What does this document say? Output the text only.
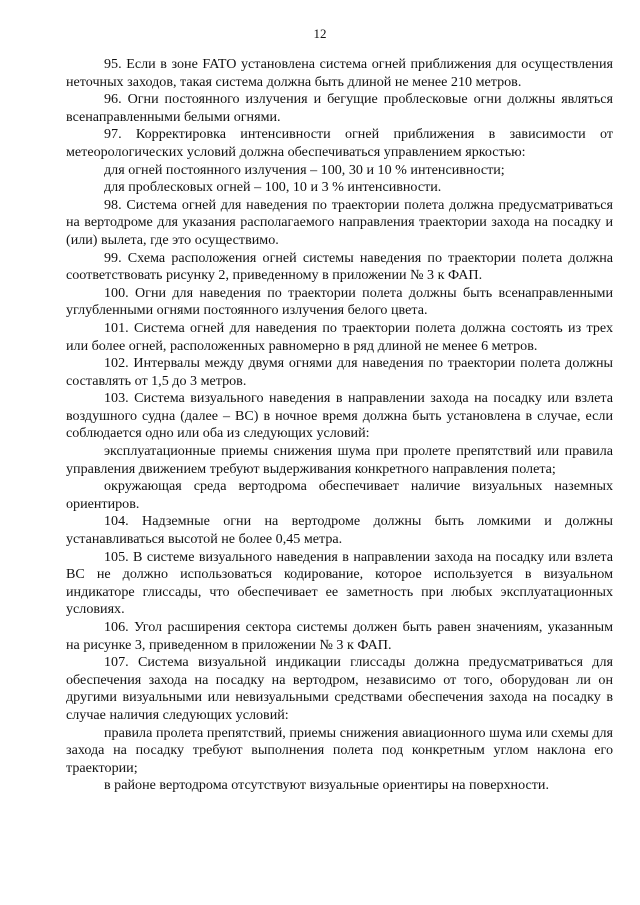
12

95. Если в зоне FATO установлена система огней приближения для осуществления неточных заходов, такая система должна быть длиной не менее 210 метров.

96. Огни постоянного излучения и бегущие проблесковые огни должны являться всенаправленными белыми огнями.

97. Корректировка интенсивности огней приближения в зависимости от метеорологических условий должна обеспечиваться управлением яркостью:

для огней постоянного излучения – 100, 30 и 10 % интенсивности;

для проблесковых огней – 100, 10 и 3 % интенсивности.

98. Система огней для наведения по траектории полета должна предусматриваться на вертодроме для указания располагаемого направления траектории захода на посадку и (или) вылета, где это осуществимо.

99. Схема расположения огней системы наведения по траектории полета должна соответствовать рисунку 2, приведенному в приложении № 3 к ФАП.

100. Огни для наведения по траектории полета должны быть всенаправленными углубленными огнями постоянного излучения белого цвета.

101. Система огней для наведения по траектории полета должна состоять из трех или более огней, расположенных равномерно в ряд длиной не менее 6 метров.

102. Интервалы между двумя огнями для наведения по траектории полета должны составлять от 1,5 до 3 метров.

103. Система визуального наведения в направлении захода на посадку или взлета воздушного судна (далее – ВС) в ночное время должна быть установлена в случае, если соблюдается одно или оба из следующих условий:

эксплуатационные приемы снижения шума при пролете препятствий или правила управления движением требуют выдерживания конкретного направления полета;

окружающая среда вертодрома обеспечивает наличие визуальных наземных ориентиров.

104. Надземные огни на вертодроме должны быть ломкими и должны устанавливаться высотой не более 0,45 метра.

105. В системе визуального наведения в направлении захода на посадку или взлета ВС не должно использоваться кодирование, которое используется в визуальном индикаторе глиссады, что обеспечивает ее заметность при любых эксплуатационных условиях.

106. Угол расширения сектора системы должен быть равен значениям, указанным на рисунке 3, приведенном в приложении № 3 к ФАП.

107. Система визуальной индикации глиссады должна предусматриваться для обеспечения захода на посадку на вертодром, независимо от того, оборудован ли он другими визуальными или невизуальными средствами обеспечения захода на посадку в случае наличия следующих условий:

правила пролета препятствий, приемы снижения авиационного шума или схемы для захода на посадку требуют выполнения полета под конкретным углом наклона его траектории;

в районе вертодрома отсутствуют визуальные ориентиры на поверхности.
